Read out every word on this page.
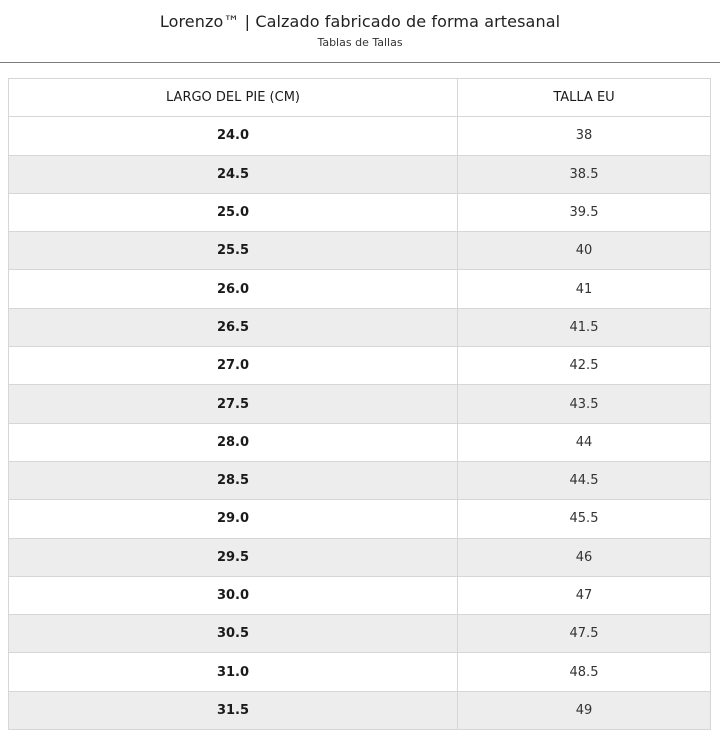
Lorenzo™ | Calzado fabricado de forma artesanal
Tablas de Tallas
LARGO DEL PIE (CM)	TALLA EU
24.0	38
24.5	38.5
25.0	39.5
25.5	40
26.0	41
26.5	41.5
27.0	42.5
27.5	43.5
28.0	44
28.5	44.5
29.0	45.5
29.5	46
30.0	47
30.5	47.5
31.0	48.5
31.5	49
